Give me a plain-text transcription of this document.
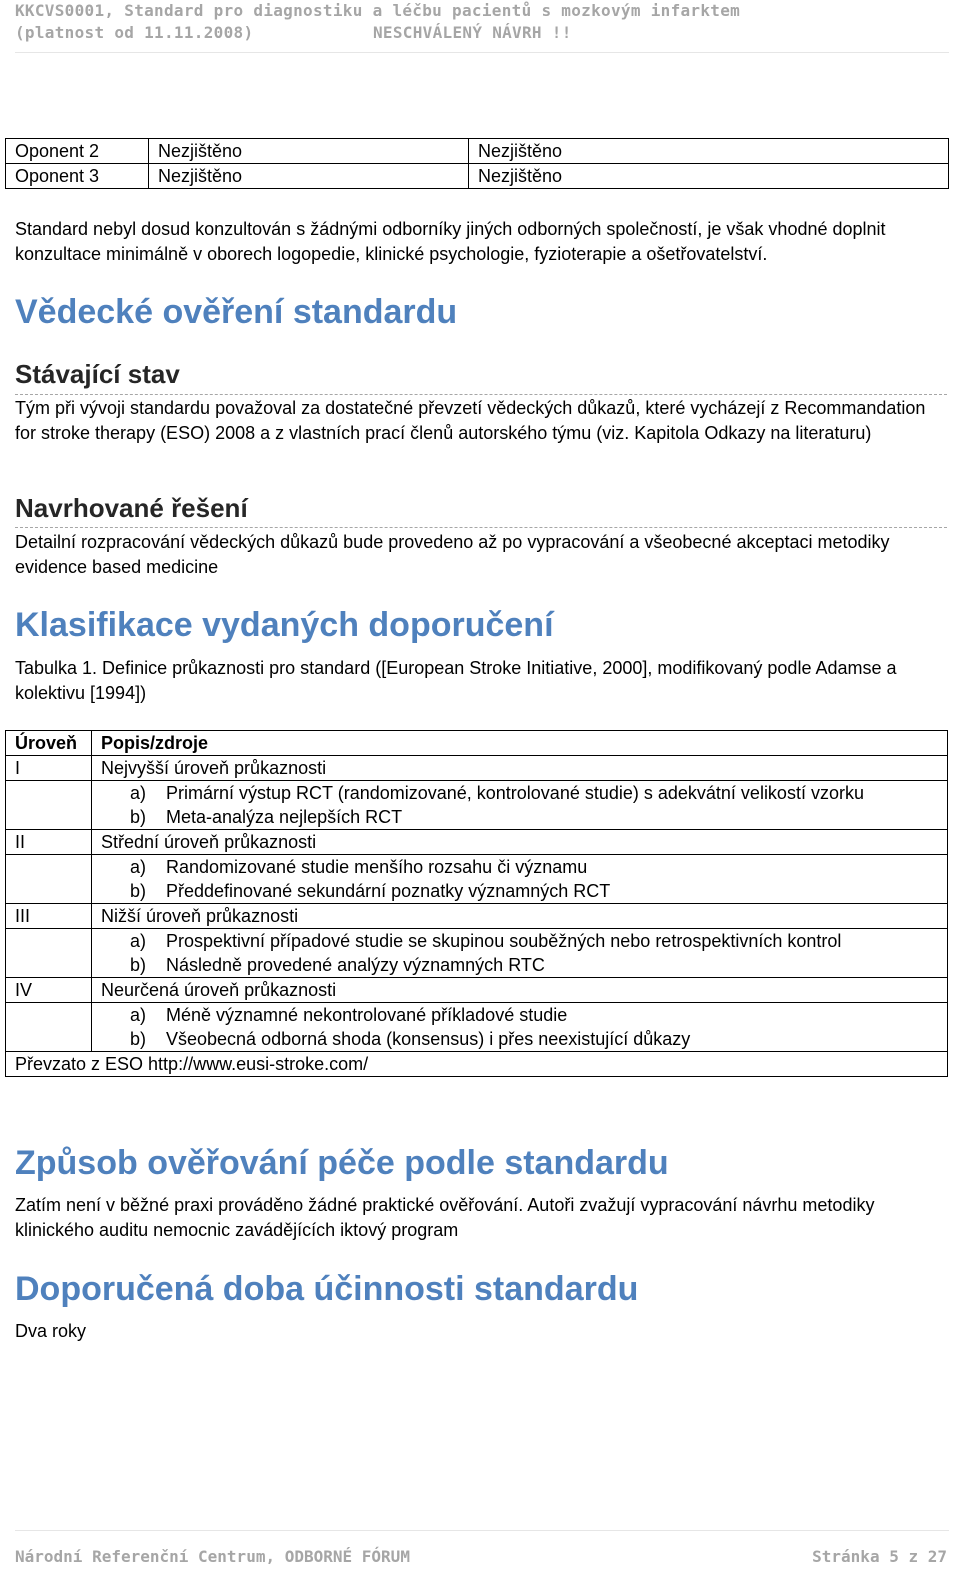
KKCVS0001, Standard pro diagnostiku a léčbu pacientů s mozkovým infarktem
(platnost od 11.11.2008)	NESCHVÁLENÝ NÁVRH !!
Oponent 2	Nezjištěno	Nezjištěno
Oponent 3	Nezjištěno	Nezjištěno
Standard nebyl dosud konzultován s žádnými odborníky jiných odborných společností, je však vhodné doplnit konzultace minimálně v oborech logopedie, klinické psychologie, fyzioterapie a ošetřovatelství.
Vědecké ověření standardu
Stávající stav
Tým při vývoji standardu považoval za dostatečné převzetí vědeckých důkazů, které vycházejí z Recommandation for stroke therapy (ESO) 2008 a z vlastních prací členů autorského týmu (viz. Kapitola Odkazy na literaturu)
Navrhované řešení
Detailní rozpracování vědeckých důkazů bude provedeno až po vypracování a všeobecné akceptaci metodiky evidence based medicine
Klasifikace vydaných doporučení
Tabulka 1. Definice průkaznosti pro standard ([European Stroke Initiative, 2000], modifikovaný podle Adamse a kolektivu [1994])
Úroveň	Popis/zdroje
I	Nejvyšší úroveň průkaznosti

	a) Primární výstup RCT (randomizované, kontrolované studie) s adekvátní velikostí vzorku
b) Meta-analýza nejlepších RCT

II	Střední úroveň průkaznosti

	a) Randomizované studie menšího rozsahu či významu
b) Předdefinované sekundární poznatky významných RCT

III	Nižší úroveň průkaznosti

	a) Prospektivní případové studie se skupinou souběžných nebo retrospektivních kontrol
b) Následně provedené analýzy významných RTC

IV	Neurčená úroveň průkaznosti

	a) Méně významné nekontrolované příkladové studie
b) Všeobecná odborná shoda (konsensus) i přes neexistující důkazy

Převzato z ESO http://www.eusi-stroke.com/	
Způsob ověřování péče podle standardu
Zatím není v běžné praxi prováděno žádné praktické ověřování. Autoři zvažují vypracování návrhu metodiky klinického auditu nemocnic zavádějících iktový program
Doporučená doba účinnosti standardu
Dva roky
Národní Referenční Centrum, ODBORNÉ FÓRUM	Stránka 5 z 27
